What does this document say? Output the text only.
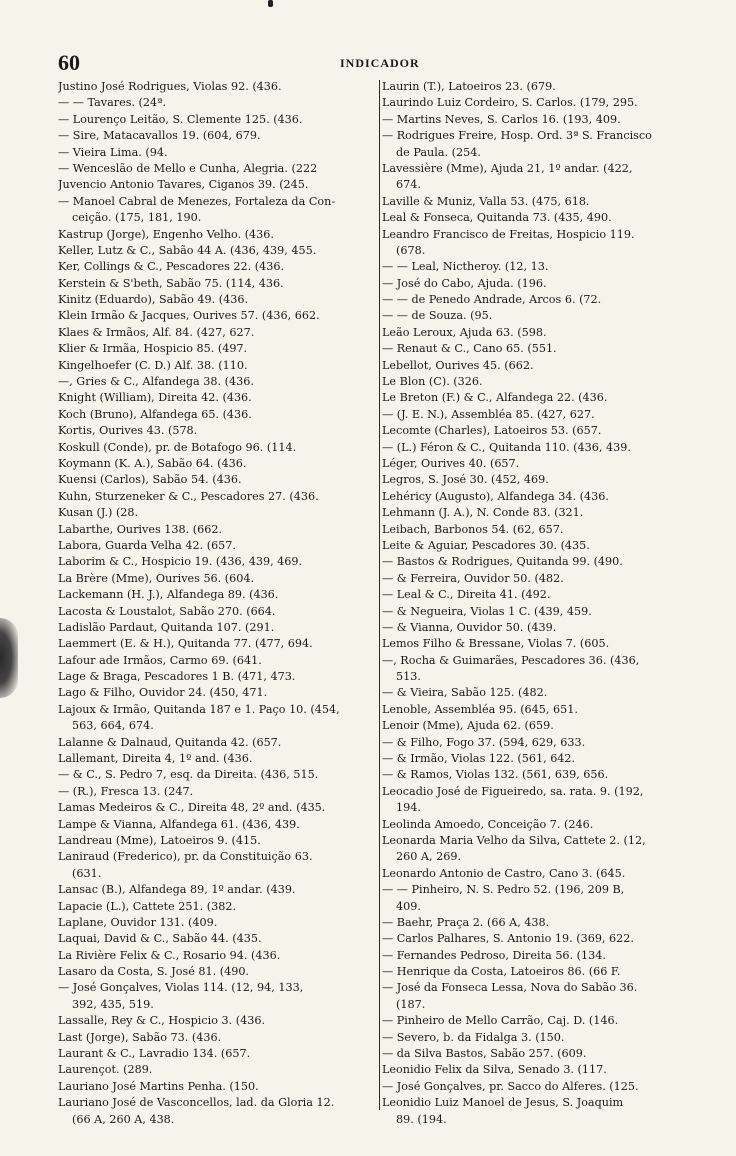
60	INDICADOR
Justino José Rodrigues, Violas 92. (436.
— — Tavares. (24ª.
— Lourenço Leitão, S. Clemente 125. (436.
— Sire, Matacavallos 19. (604, 679.
— Vieira Lima. (94.
— Wenceslão de Mello e Cunha, Alegria. (222
Juvencio Antonio Tavares, Ciganos 39. (245.
— Manoel Cabral de Menezes, Fortaleza da Con-
ceição. (175, 181, 190.
Kastrup (Jorge), Engenho Velho. (436.
Keller, Lutz & C., Sabão 44 A. (436, 439, 455.
Ker, Collings & C., Pescadores 22. (436.
Kerstein & S'beth, Sabão 75. (114, 436.
Kinitz (Eduardo), Sabão 49. (436.
Klein Irmão & Jacques, Ourives 57. (436, 662.
Klaes & Irmãos, Alf. 84. (427, 627.
Klier & Irmãa, Hospicio 85. (497.
Kingelhoefer (C. D.) Alf. 38. (110.
—, Gries & C., Alfandega 38. (436.
Knight (William), Direita 42. (436.
Koch (Bruno), Alfandega 65. (436.
Kortis, Ourives 43. (578.
Koskull (Conde), pr. de Botafogo 96. (114.
Koymann (K. A.), Sabão 64. (436.
Kuensi (Carlos), Sabão 54. (436.
Kuhn, Sturzeneker & C., Pescadores 27. (436.
Kusan (J.) (28.
Labarthe, Ourives 138. (662.
Labora, Guarda Velha 42. (657.
Laborim & C., Hospicio 19. (436, 439, 469.
La Brère (Mme), Ourives 56. (604.
Lackemann (H. J.), Alfandega 89. (436.
Lacosta & Loustalot, Sabão 270. (664.
Ladislão Pardaut, Quitanda 107. (291.
Laemmert (E. & H.), Quitanda 77. (477, 694.
Lafour ade Irmãos, Carmo 69. (641.
Lage & Braga, Pescadores 1 B. (471, 473.
Lago & Filho, Ouvidor 24. (450, 471.
Lajoux & Irmão, Quitanda 187 e 1. Paço 10. (454,
563, 664, 674.
Lalanne & Dalnaud, Quitanda 42. (657.
Lallemant, Direita 4, 1º and. (436.
— & C., S. Pedro 7, esq. da Direita. (436, 515.
— (R.), Fresca 13. (247.
Lamas Medeiros & C., Direita 48, 2º and. (435.
Lampe & Vianna, Alfandega 61. (436, 439.
Landreau (Mme), Latoeiros 9. (415.
Laniraud (Frederico), pr. da Constituição 63.
(631.
Lansac (B.), Alfandega 89, 1º andar. (439.
Lapacie (L.), Cattete 251. (382.
Laplane, Ouvidor 131. (409.
Laquai, David & C., Sabão 44. (435.
La Rivière Felix & C., Rosario 94. (436.
Lasaro da Costa, S. José 81. (490.
— José Gonçalves, Violas 114. (12, 94, 133,
392, 435, 519.
Lassalle, Rey & C., Hospicio 3. (436.
Last (Jorge), Sabão 73. (436.
Laurant & C., Lavradio 134. (657.
Laurençot. (289.
Lauriano José Martins Penha. (150.
Lauriano José de Vasconcellos, lad. da Gloria 12.
(66 A, 260 A, 438.
Laurin (T.), Latoeiros 23. (679.
Laurindo Luiz Cordeiro, S. Carlos. (179, 295.
— Martins Neves, S. Carlos 16. (193, 409.
— Rodrigues Freire, Hosp. Ord. 3ª S. Francisco
de Paula. (254.
Lavessière (Mme), Ajuda 21, 1º andar. (422,
674.
Laville & Muniz, Valla 53. (475, 618.
Leal & Fonseca, Quitanda 73. (435, 490.
Leandro Francisco de Freitas, Hospicio 119.
(678.
— — Leal, Nictheroy. (12, 13.
— José do Cabo, Ajuda. (196.
— — de Penedo Andrade, Arcos 6. (72.
— — de Souza. (95.
Leão Leroux, Ajuda 63. (598.
— Renaut & C., Cano 65. (551.
Lebellot, Ourives 45. (662.
Le Blon (C). (326.
Le Breton (F.) & C., Alfandega 22. (436.
— (J. E. N.), Assembléa 85. (427, 627.
Lecomte (Charles), Latoeiros 53. (657.
— (L.) Féron & C., Quitanda 110. (436, 439.
Léger, Ourives 40. (657.
Legros, S. José 30. (452, 469.
Lehéricy (Augusto), Alfandega 34. (436.
Lehmann (J. A.), N. Conde 83. (321.
Leibach, Barbonos 54. (62, 657.
Leite & Aguiar, Pescadores 30. (435.
— Bastos & Rodrigues, Quitanda 99. (490.
— & Ferreira, Ouvidor 50. (482.
— Leal & C., Direita 41. (492.
— & Negueira, Violas 1 C. (439, 459.
— & Vianna, Ouvidor 50. (439.
Lemos Filho & Bressane, Violas 7. (605.
—, Rocha & Guimarães, Pescadores 36. (436,
513.
— & Vieira, Sabão 125. (482.
Lenoble, Assembléa 95. (645, 651.
Lenoir (Mme), Ajuda 62. (659.
— & Filho, Fogo 37. (594, 629, 633.
— & Irmão, Violas 122. (561, 642.
— & Ramos, Violas 132. (561, 639, 656.
Leocadio José de Figueiredo, sa. rata. 9. (192,
194.
Leolinda Amoedo, Conceição 7. (246.
Leonarda Maria Velho da Silva, Cattete 2. (12,
260 A, 269.
Leonardo Antonio de Castro, Cano 3. (645.
— — Pinheiro, N. S. Pedro 52. (196, 209 B,
409.
— Baehr, Praça 2. (66 A, 438.
— Carlos Palhares, S. Antonio 19. (369, 622.
— Fernandes Pedroso, Direita 56. (134.
— Henrique da Costa, Latoeiros 86. (66 F.
— José da Fonseca Lessa, Nova do Sabão 36.
(187.
— Pinheiro de Mello Carrão, Caj. D. (146.
— Severo, b. da Fidalga 3. (150.
— da Silva Bastos, Sabão 257. (609.
Leonidio Felix da Silva, Senado 3. (117.
— José Gonçalves, pr. Sacco do Alferes. (125.
Leonidio Luiz Manoel de Jesus, S. Joaquim
89. (194.
